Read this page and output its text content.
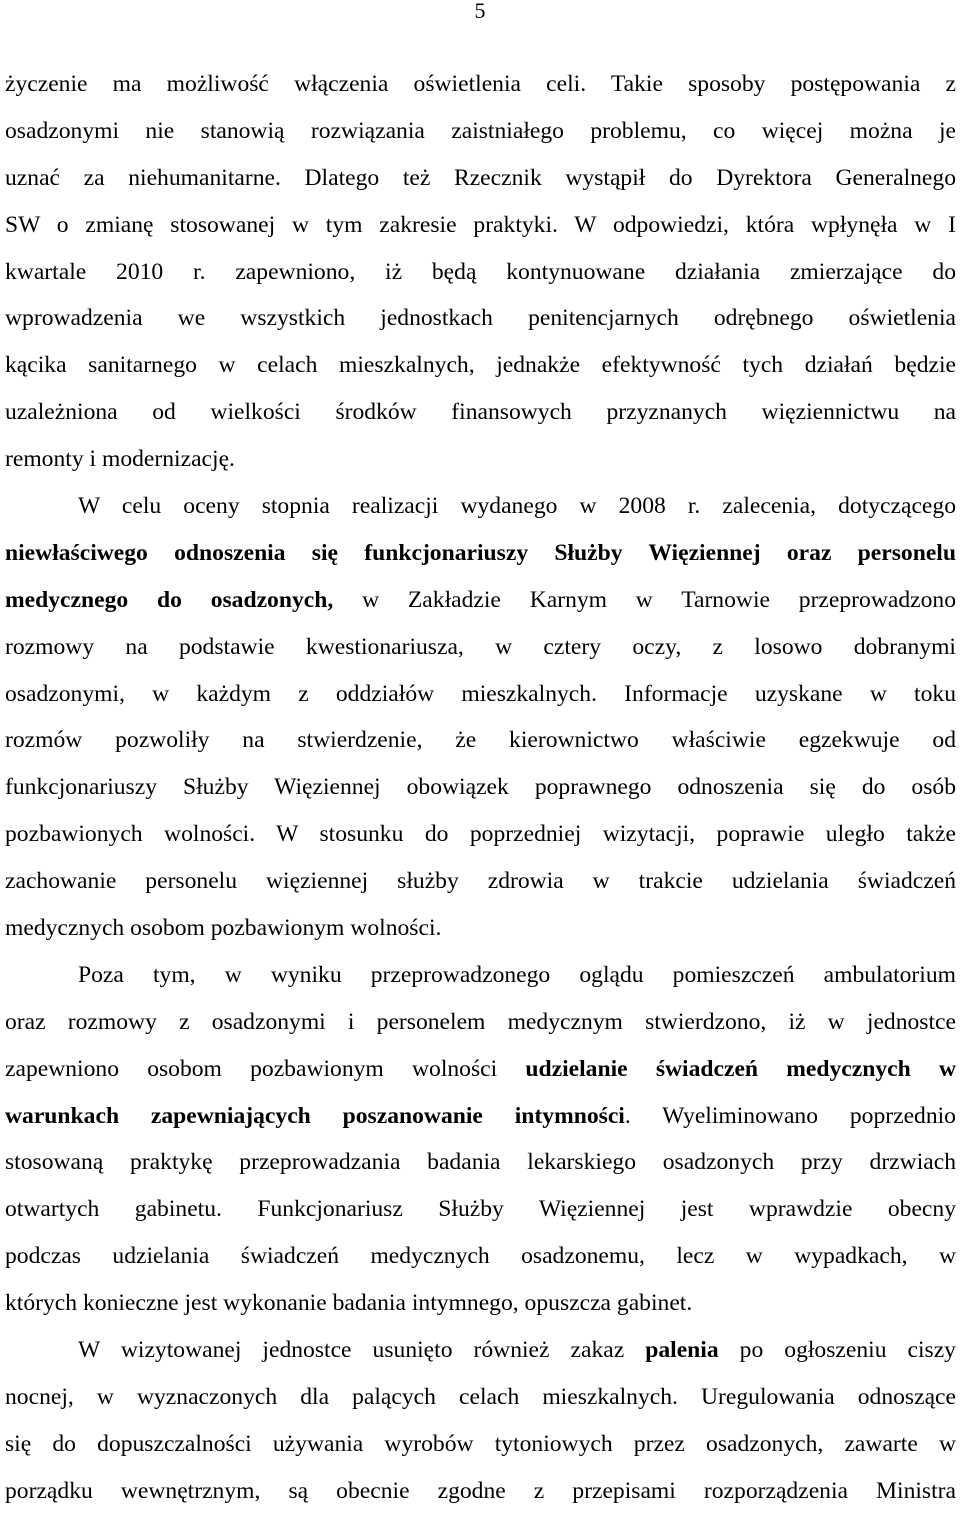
5
życzenie ma możliwość włączenia oświetlenia celi. Takie sposoby postępowania z
osadzonymi nie stanowią rozwiązania zaistniałego problemu, co więcej można je
uznać za niehumanitarne. Dlatego też Rzecznik wystąpił do Dyrektora Generalnego
SW o zmianę stosowanej w tym zakresie praktyki. W odpowiedzi, która wpłynęła w I
kwartale 2010 r. zapewniono, iż będą kontynuowane działania zmierzające do
wprowadzenia we wszystkich jednostkach penitencjarnych odrębnego oświetlenia
kącika sanitarnego w celach mieszkalnych, jednakże efektywność tych działań będzie
uzależniona od wielkości środków finansowych przyznanych więziennictwu na
remonty i modernizację.
W celu oceny stopnia realizacji wydanego w 2008 r. zalecenia, dotyczącego
niewłaściwego odnoszenia się funkcjonariuszy Służby Więziennej oraz personelu
medycznego do osadzonych, w Zakładzie Karnym w Tarnowie przeprowadzono
rozmowy na podstawie kwestionariusza, w cztery oczy, z losowo dobranymi
osadzonymi, w każdym z oddziałów mieszkalnych. Informacje uzyskane w toku
rozmów pozwoliły na stwierdzenie, że kierownictwo właściwie egzekwuje od
funkcjonariuszy Służby Więziennej obowiązek poprawnego odnoszenia się do osób
pozbawionych wolności. W stosunku do poprzedniej wizytacji, poprawie uległo także
zachowanie personelu więziennej służby zdrowia w trakcie udzielania świadczeń
medycznych osobom pozbawionym wolności.
Poza tym, w wyniku przeprowadzonego oglądu pomieszczeń ambulatorium
oraz rozmowy z osadzonymi i personelem medycznym stwierdzono, iż w jednostce
zapewniono osobom pozbawionym wolności udzielanie świadczeń medycznych w
warunkach zapewniających poszanowanie intymności. Wyeliminowano poprzednio
stosowaną praktykę przeprowadzania badania lekarskiego osadzonych przy drzwiach
otwartych gabinetu. Funkcjonariusz Służby Więziennej jest wprawdzie obecny
podczas udzielania świadczeń medycznych osadzonemu, lecz w wypadkach, w
których konieczne jest wykonanie badania intymnego, opuszcza gabinet.
W wizytowanej jednostce usunięto również zakaz palenia po ogłoszeniu ciszy
nocnej, w wyznaczonych dla palących celach mieszkalnych. Uregulowania odnoszące
się do dopuszczalności używania wyrobów tytoniowych przez osadzonych, zawarte w
porządku wewnętrznym, są obecnie zgodne z przepisami rozporządzenia Ministra
